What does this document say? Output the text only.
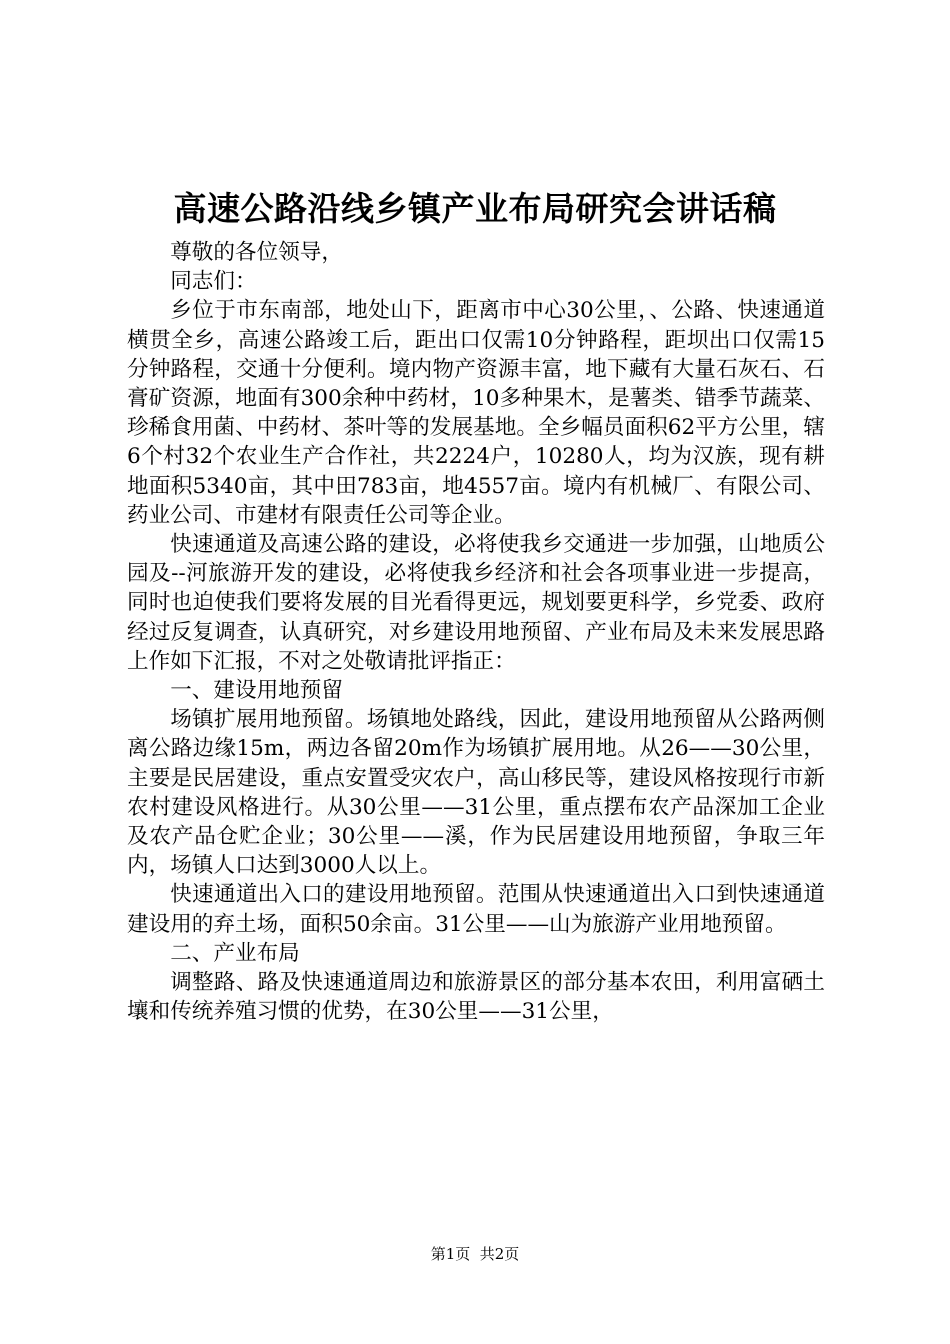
高速公路沿线乡镇产业布局研究会讲话稿

尊敬的各位领导，

同志们：

乡位于市东南部，地处山下，距离市中心30公里，、公路、快速通道横贯全乡，高速公路竣工后，距出口仅需10分钟路程，距坝出口仅需15分钟路程，交通十分便利。境内物产资源丰富，地下藏有大量石灰石、石膏矿资源，地面有300余种中药材，10多种果木，是薯类、错季节蔬菜、珍稀食用菌、中药材、茶叶等的发展基地。全乡幅员面积62平方公里，辖6个村32个农业生产合作社，共2224户，10280人，均为汉族，现有耕地面积5340亩，其中田783亩，地4557亩。境内有机械厂、有限公司、药业公司、市建材有限责任公司等企业。

快速通道及高速公路的建设，必将使我乡交通进一步加强，山地质公园及--河旅游开发的建设，必将使我乡经济和社会各项事业进一步提高，同时也迫使我们要将发展的目光看得更远，规划要更科学，乡党委、政府经过反复调查，认真研究，对乡建设用地预留、产业布局及未来发展思路上作如下汇报，不对之处敬请批评指正：

一、建设用地预留

场镇扩展用地预留。场镇地处路线，因此，建设用地预留从公路两侧离公路边缘15m，两边各留20m作为场镇扩展用地。从26——30公里，主要是民居建设，重点安置受灾农户，高山移民等，建设风格按现行市新农村建设风格进行。从30公里——31公里，重点摆布农产品深加工企业及农产品仓贮企业；30公里——溪，作为民居建设用地预留，争取三年内，场镇人口达到3000人以上。

快速通道出入口的建设用地预留。范围从快速通道出入口到快速通道建设用的弃土场，面积50余亩。31公里——山为旅游产业用地预留。

二、产业布局

调整路、路及快速通道周边和旅游景区的部分基本农田，利用富硒土壤和传统养殖习惯的优势，在30公里——31公里，

第1页  共2页
